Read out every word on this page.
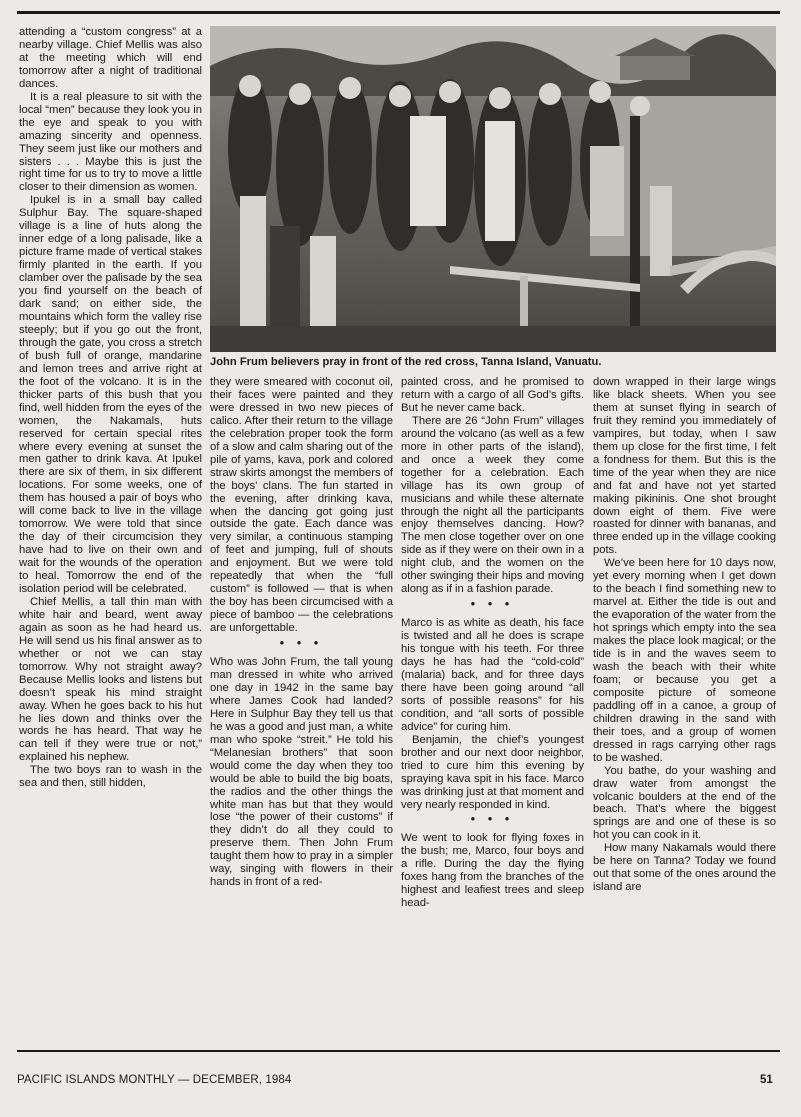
attending a “custom congress” at a nearby village. Chief Mellis was also at the meeting which will end tomorrow after a night of traditional dances.

It is a real pleasure to sit with the local “men” because they look you in the eye and speak to you with amazing sincerity and openness. They seem just like our mothers and sisters . . . Maybe this is just the right time for us to try to move a little closer to their dimension as women.

Ipukel is in a small bay called Sulphur Bay. The square-shaped village is a line of huts along the inner edge of a long palisade, like a picture frame made of vertical stakes firmly planted in the earth. If you clamber over the palisade by the sea you find yourself on the beach of dark sand; on either side, the mountains which form the valley rise steeply; but if you go out the front, through the gate, you cross a stretch of bush full of orange, mandarine and lemon trees and arrive right at the foot of the volcano. It is in the thicker parts of this bush that you find, well hidden from the eyes of the women, the Nakamals, huts reserved for certain special rites where every evening at sunset the men gather to drink kava. At Ipukel there are six of them, in six different locations. For some weeks, one of them has housed a pair of boys who will come back to live in the village tomorrow. We were told that since the day of their circumcision they have had to live on their own and wait for the wounds of the operation to heal. Tomorrow the end of the isolation period will be celebrated.

Chief Mellis, a tall thin man with white hair and beard, went away again as soon as he had heard us. He will send us his final answer as to whether or not we can stay tomorrow. Why not straight away? Because Mellis looks and listens but doesn’t speak his mind straight away. When he goes back to his hut he lies down and thinks over the words he has heard. That way he can tell if they were true or not,” explained his nephew.

The two boys ran to wash in the sea and then, still hidden,

John Frum believers pray in front of the red cross, Tanna Island, Vanuatu.

they were smeared with coconut oil, their faces were painted and they were dressed in two new pieces of calico. After their return to the village the celebration proper took the form of a slow and calm sharing out of the pile of yams, kava, pork and colored straw skirts amongst the members of the boys’ clans. The fun started in the evening, after drinking kava, when the dancing got going just outside the gate. Each dance was very similar, a continuous stamping of feet and jumping, full of shouts and enjoyment. But we were told repeatedly that when the “full custom” is followed — that is when the boy has been circumcised with a piece of bamboo — the celebrations are unforgettable.

● ● ●

Who was John Frum, the tall young man dressed in white who arrived one day in 1942 in the same bay where James Cook had landed? Here in Sulphur Bay they tell us that he was a good and just man, a white man who spoke “streit.” He told his “Melanesian brothers” that soon would come the day when they too would be able to build the big boats, the radios and the other things the white man has but that they would lose “the power of their customs” if they didn’t do all they could to preserve them. Then John Frum taught them how to pray in a simpler way, singing with flowers in their hands in front of a red-

painted cross, and he promised to return with a cargo of all God’s gifts. But he never came back.

There are 26 “John Frum” villages around the volcano (as well as a few more in other parts of the island), and once a week they come together for a celebration. Each village has its own group of musicians and while these alternate through the night all the participants enjoy themselves dancing. How? The men close together over on one side as if they were on their own in a night club, and the women on the other swinging their hips and moving along as if in a fashion parade.

● ● ●

Marco is as white as death, his face is twisted and all he does is scrape his tongue with his teeth. For three days he has had the “cold-cold” (malaria) back, and for three days there have been going around “all sorts of possible reasons” for his condition, and “all sorts of possible advice” for curing him.

Benjamin, the chief’s youngest brother and our next door neighbor, tried to cure him this evening by spraying kava spit in his face. Marco was drinking just at that moment and very nearly responded in kind.

● ● ●

We went to look for flying foxes in the bush; me, Marco, four boys and a rifle. During the day the flying foxes hang from the branches of the highest and leafiest trees and sleep head-

down wrapped in their large wings like black sheets. When you see them at sunset flying in search of fruit they remind you immediately of vampires, but today, when I saw them up close for the first time, I felt a fondness for them. But this is the time of the year when they are nice and fat and have not yet started making pikininis. One shot brought down eight of them. Five were roasted for dinner with bananas, and three ended up in the village cooking pots.

We’ve been here for 10 days now, yet every morning when I get down to the beach I find something new to marvel at. Either the tide is out and the evaporation of the water from the hot springs which empty into the sea makes the place look magical; or the tide is in and the waves seem to wash the beach with their white foam; or because you get a composite picture of someone paddling off in a canoe, a group of children drawing in the sand with their toes, and a group of women dressed in rags carrying other rags to be washed.

You bathe, do your washing and draw water from amongst the volcanic boulders at the end of the beach. That’s where the biggest springs are and one of these is so hot you can cook in it.

How many Nakamals would there be here on Tanna? Today we found out that some of the ones around the island are

PACIFIC ISLANDS MONTHLY — DECEMBER, 1984	51
